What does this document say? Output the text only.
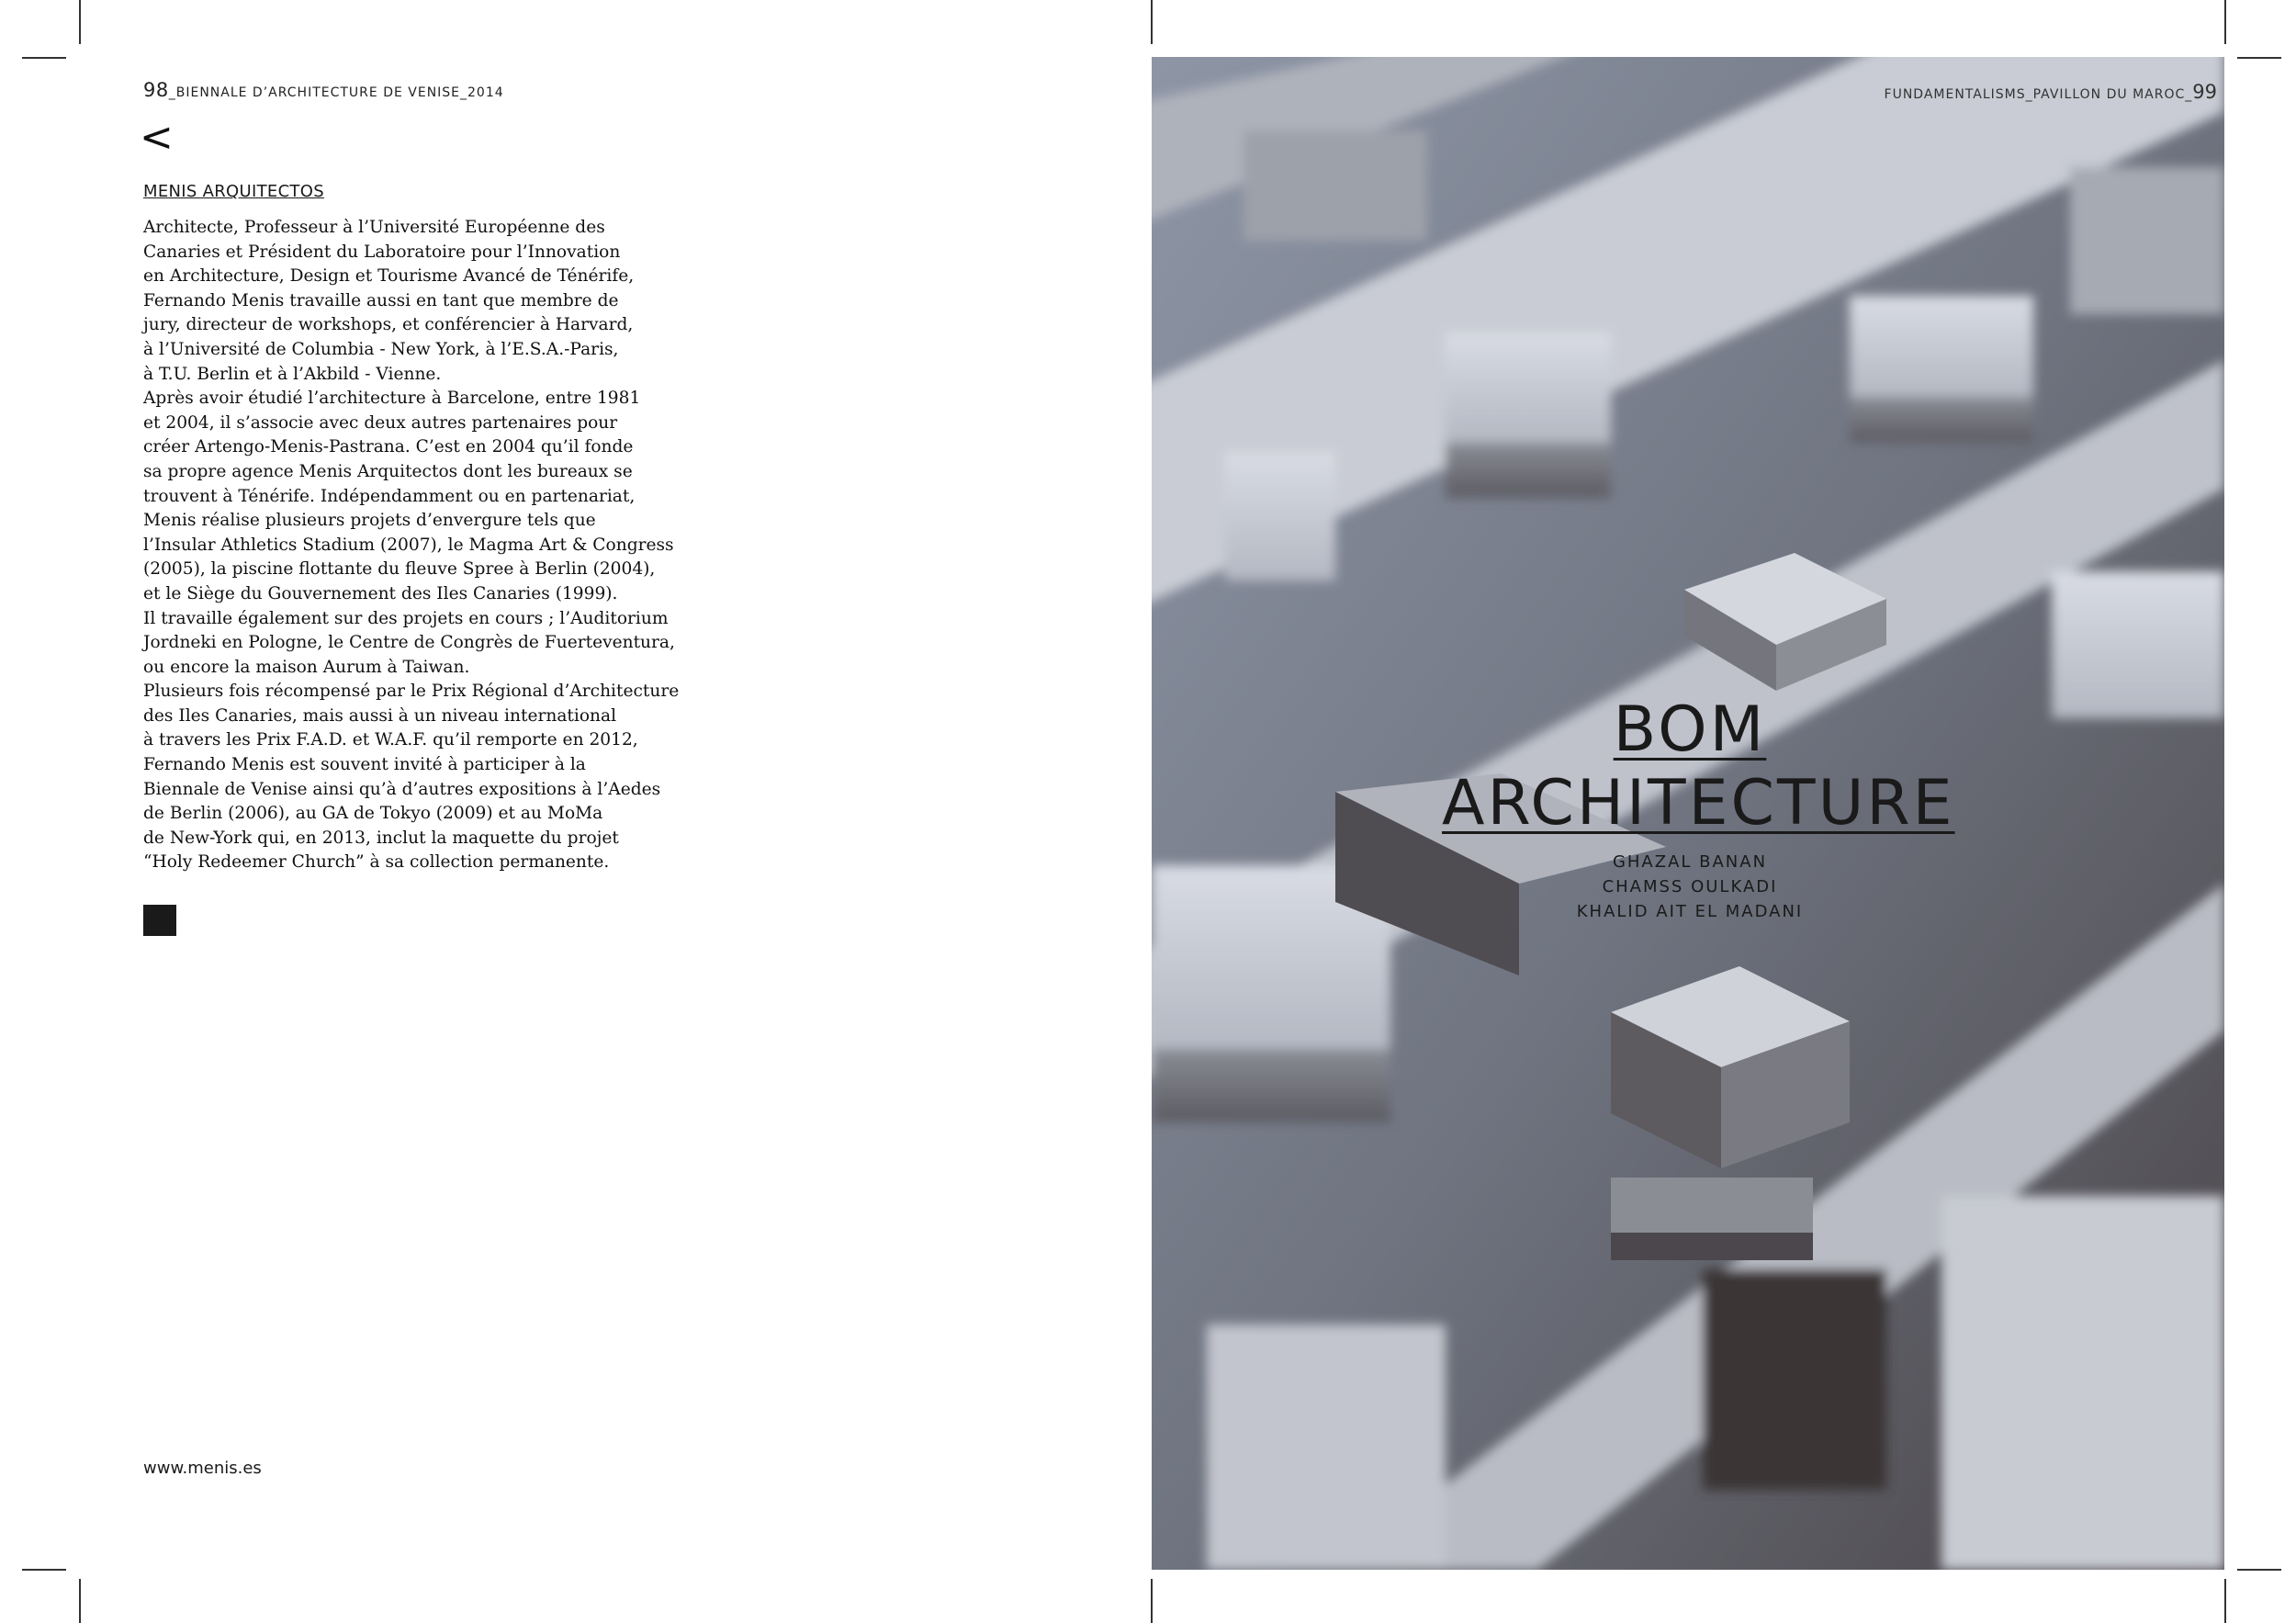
98_BIENNALE D’ARCHITECTURE DE VENISE_2014
<
MENIS ARQUITECTOS
Architecte, Professeur à l’Université Européenne des
Canaries et Président du Laboratoire pour l’Innovation
en Architecture, Design et Tourisme Avancé de Ténérife,
Fernando Menis travaille aussi en tant que membre de
jury, directeur de workshops, et conférencier à Harvard,
à l’Université de Columbia - New York, à l’E.S.A.-Paris,
à T.U. Berlin et à l’Akbild - Vienne.
Après avoir étudié l’architecture à Barcelone, entre 1981
et 2004, il s’associe avec deux autres partenaires pour
créer Artengo-Menis-Pastrana. C’est en 2004 qu’il fonde
sa propre agence Menis Arquitectos dont les bureaux se
trouvent à Ténérife. Indépendamment ou en partenariat,
Menis réalise plusieurs projets d’envergure tels que
l’Insular Athletics Stadium (2007), le Magma Art & Congress
(2005), la piscine flottante du fleuve Spree à Berlin (2004),
et le Siège du Gouvernement des Iles Canaries (1999).
Il travaille également sur des projets en cours ; l’Auditorium
Jordneki en Pologne, le Centre de Congrès de Fuerteventura,
ou encore la maison Aurum à Taiwan.
Plusieurs fois récompensé par le Prix Régional d’Architecture
des Iles Canaries, mais aussi à un niveau international
à travers les Prix F.A.D. et W.A.F. qu’il remporte en 2012,
Fernando Menis est souvent invité à participer à la
Biennale de Venise ainsi qu’à d’autres expositions à l’Aedes
de Berlin (2006), au GA de Tokyo (2009) et au MoMa
de New-York qui, en 2013, inclut la maquette du projet
“Holy Redeemer Church” à sa collection permanente.
www.menis.es
FUNDAMENTALISMS_PAVILLON DU MAROC_99
BOM
ARCHITECTURE
GHAZAL BANAN
CHAMSS OULKADI
KHALID AIT EL MADANI
